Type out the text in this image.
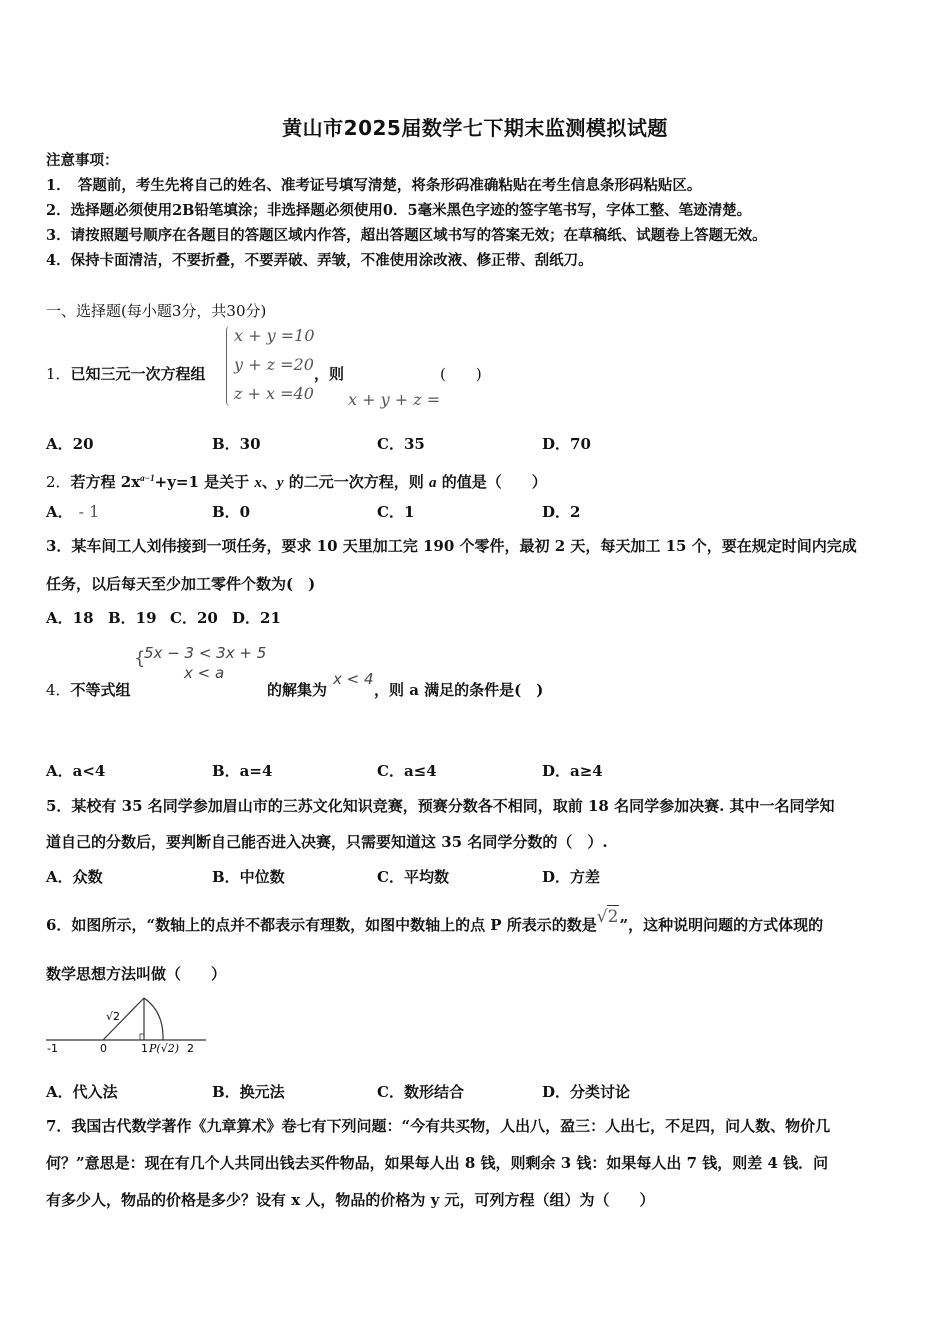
黄山市2025届数学七下期末监测模拟试题
注意事项：
1．　答题前，考生先将自己的姓名、准考证号填写清楚，将条形码准确粘贴在考生信息条形码粘贴区。
2．选择题必须使用2B铅笔填涂；非选择题必须使用0．5毫米黑色字迹的签字笔书写，字体工整、笔迹清楚。
3．请按照题号顺序在各题目的答题区域内作答，超出答题区域书写的答案无效；在草稿纸、试题卷上答题无效。
4．保持卡面清洁，不要折叠，不要弄破、弄皱，不准使用涂改液、修正带、刮纸刀。
一、选择题(每小题3分，共30分)
1．已知三元一次方程组
x + y =10
y + z =20
z + x =40
，则	(　　)
x + y + z =
A．20	B．30	C．35	D．70
2．若方程 $2x^{a-1}+y=1$ 是关于 x、y 的二元一次方程，则 a 的值是（　　）
A． - 1	B．0	C．1	D．2
3．某车间工人刘伟接到一项任务，要求 10 天里加工完 190 个零件，最初 2 天，每天加工 15 个，要在规定时间内完成
任务，以后每天至少加工零件个数为(　)
A．18 B．19 C．20 D．21
4．不等式组
{
5x − 3 < 3x + 5
x < a
的解集为
x < 4
，则 a 满足的条件是(　)
A．a<4	B．a=4	C．a≤4	D．a≥4
5．某校有 35 名同学参加眉山市的三苏文化知识竞赛，预赛分数各不相同，取前 18 名同学参加决赛. 其中一名同学知
道自己的分数后，要判断自己能否进入决赛，只需要知道这 35 名同学分数的（　）.
A．众数	B．中位数	C．平均数	D．方差
6．如图所示，“数轴上的点并不都表示有理数，如图中数轴上的点 P 所表示的数是√2”，这种说明问题的方式体现的
数学思想方法叫做（　　）
-1	0	1 P(√2) 2
√2
A．代入法	B．换元法	C．数形结合	D．分类讨论
7．我国古代数学著作《九章算术》卷七有下列问题：“今有共买物，人出八，盈三：人出七，不足四，问人数、物价几
何？”意思是：现在有几个人共同出钱去买件物品，如果每人出 8 钱，则剩余 3 钱：如果每人出 7 钱，则差 4 钱．问
有多少人，物品的价格是多少？设有 x 人，物品的价格为 y 元，可列方程（组）为（　　）
